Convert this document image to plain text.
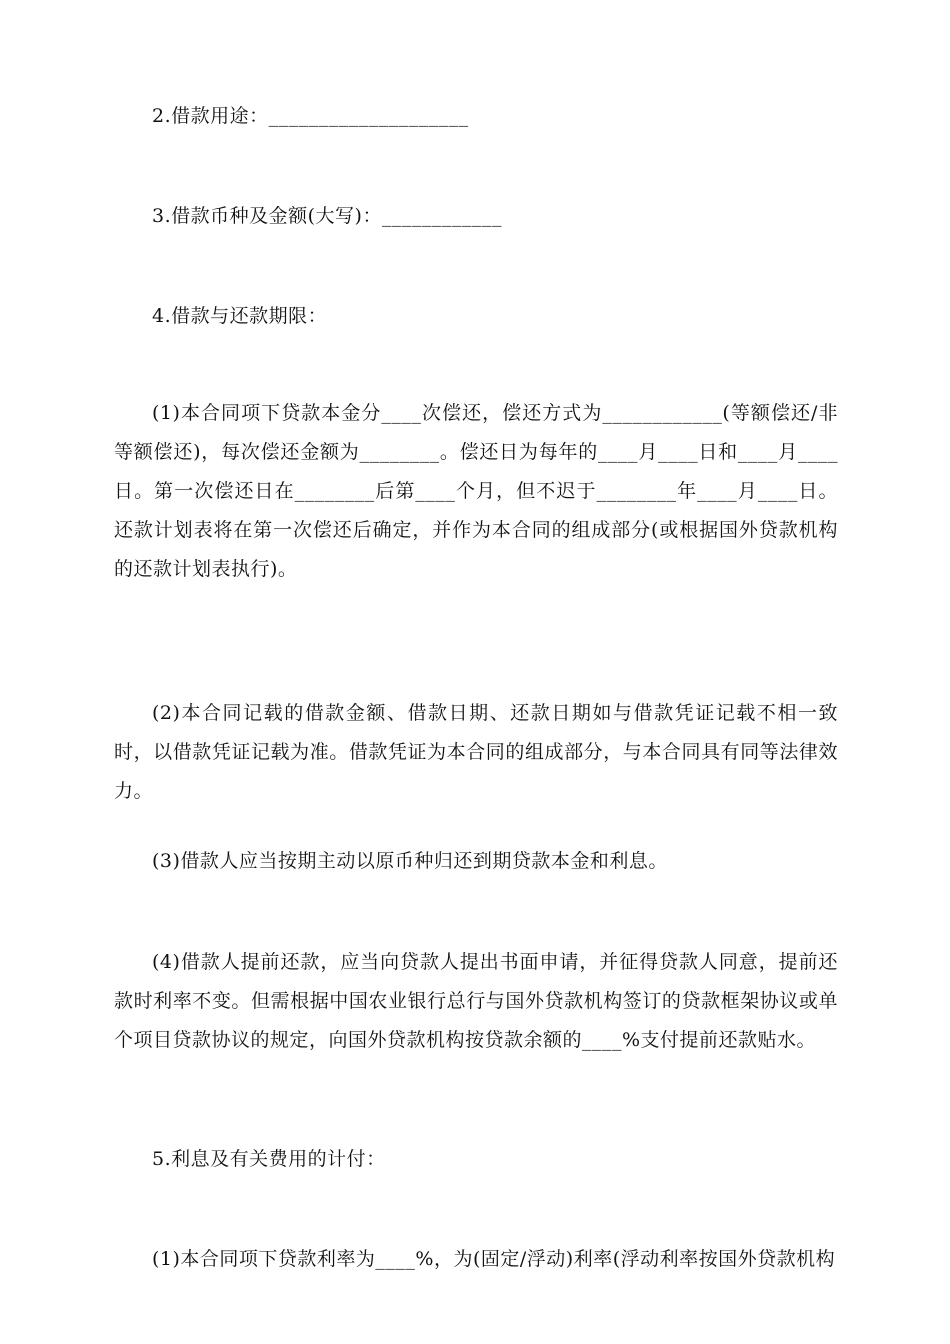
2.借款用途：____________________

3.借款币种及金额(大写)：____________

4.借款与还款期限：

(1)本合同项下贷款本金分____次偿还，偿还方式为____________(等额偿还/非等额偿还)，每次偿还金额为________。偿还日为每年的____月____日和____月____日。第一次偿还日在________后第____个月，但不迟于________年____月____日。还款计划表将在第一次偿还后确定，并作为本合同的组成部分(或根据国外贷款机构的还款计划表执行)。

(2)本合同记载的借款金额、借款日期、还款日期如与借款凭证记载不相一致时，以借款凭证记载为准。借款凭证为本合同的组成部分，与本合同具有同等法律效力。

(3)借款人应当按期主动以原币种归还到期贷款本金和利息。

(4)借款人提前还款，应当向贷款人提出书面申请，并征得贷款人同意，提前还款时利率不变。但需根据中国农业银行总行与国外贷款机构签订的贷款框架协议或单个项目贷款协议的规定，向国外贷款机构按贷款余额的____%支付提前还款贴水。

5.利息及有关费用的计付：

(1)本合同项下贷款利率为____%，为(固定/浮动)利率(浮动利率按国外贷款机构
